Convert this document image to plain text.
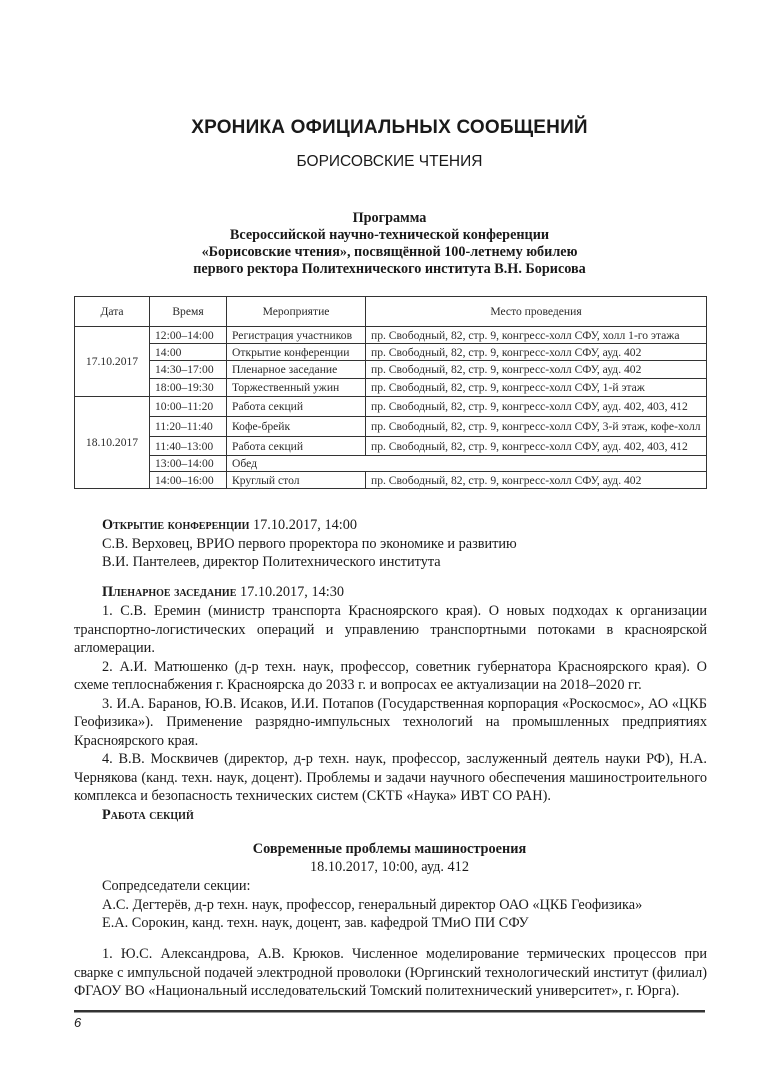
ХРОНИКА ОФИЦИАЛЬНЫХ СООБЩЕНИЙ
БОРИСОВСКИЕ ЧТЕНИЯ
Программа
Всероссийской научно-технической конференции
«Борисовские чтения», посвящённой 100-летнему юбилею
первого ректора Политехнического института В.Н. Борисова
Дата	Время	Мероприятие	Место проведения
17.10.2017	12:00–14:00	Регистрация участников	пр. Свободный, 82, стр. 9, конгресс-холл СФУ, холл 1-го этажа
	14:00	Открытие конференции	пр. Свободный, 82, стр. 9, конгресс-холл СФУ, ауд. 402
	14:30–17:00	Пленарное заседание	пр. Свободный, 82, стр. 9, конгресс-холл СФУ, ауд. 402
	18:00–19:30	Торжественный ужин	пр. Свободный, 82, стр. 9, конгресс-холл СФУ, 1-й этаж
18.10.2017	10:00–11:20	Работа секций	пр. Свободный, 82, стр. 9, конгресс-холл СФУ, ауд. 402, 403, 412
	11:20–11:40	Кофе-брейк	пр. Свободный, 82, стр. 9, конгресс-холл СФУ, 3-й этаж, кофе-холл
	11:40–13:00	Работа секций	пр. Свободный, 82, стр. 9, конгресс-холл СФУ, ауд. 402, 403, 412
	13:00–14:00	Обед	
	14:00–16:00	Круглый стол	пр. Свободный, 82, стр. 9, конгресс-холл СФУ, ауд. 402
Открытие конференции 17.10.2017, 14:00
С.В. Верховец, ВРИО первого проректора по экономике и развитию
В.И. Пантелеев, директор Политехнического института
Пленарное заседание 17.10.2017, 14:30

1. С.В. Еремин (министр транспорта Красноярского края). О новых подходах к организации транспортно-логистических операций и управлению транспортными потоками в красноярской агломерации.

2. А.И. Матюшенко (д-р техн. наук, профессор, советник губернатора Красноярского края). О схеме теплоснабжения г. Красноярска до 2033 г. и вопросах ее актуализации на 2018–2020 гг.

3. И.А. Баранов, Ю.В. Исаков, И.И. Потапов (Государственная корпорация «Роскосмос», АО «ЦКБ Геофизика»). Применение разрядно-импульсных технологий на промышленных предприятиях Красноярского края.

4. В.В. Москвичев (директор, д-р техн. наук, профессор, заслуженный деятель науки РФ), Н.А. Чернякова (канд. техн. наук, доцент). Проблемы и задачи научного обеспечения машиностроительного комплекса и безопасность технических систем (СКТБ «Наука» ИВТ СО РАН).

Работа секций
Современные проблемы машиностроения
18.10.2017, 10:00, ауд. 412
Сопредседатели секции:
А.С. Дегтерёв, д-р техн. наук, профессор, генеральный директор ОАО «ЦКБ Геофизика»
Е.А. Сорокин, канд. техн. наук, доцент, зав. кафедрой ТМиО ПИ СФУ

1. Ю.С. Александрова, А.В. Крюков. Численное моделирование термических процессов при сварке с импульсной подачей электродной проволоки (Юргинский технологический институт (филиал) ФГАОУ ВО «Национальный исследовательский Томский политехнический университет», г. Юрга).

6
